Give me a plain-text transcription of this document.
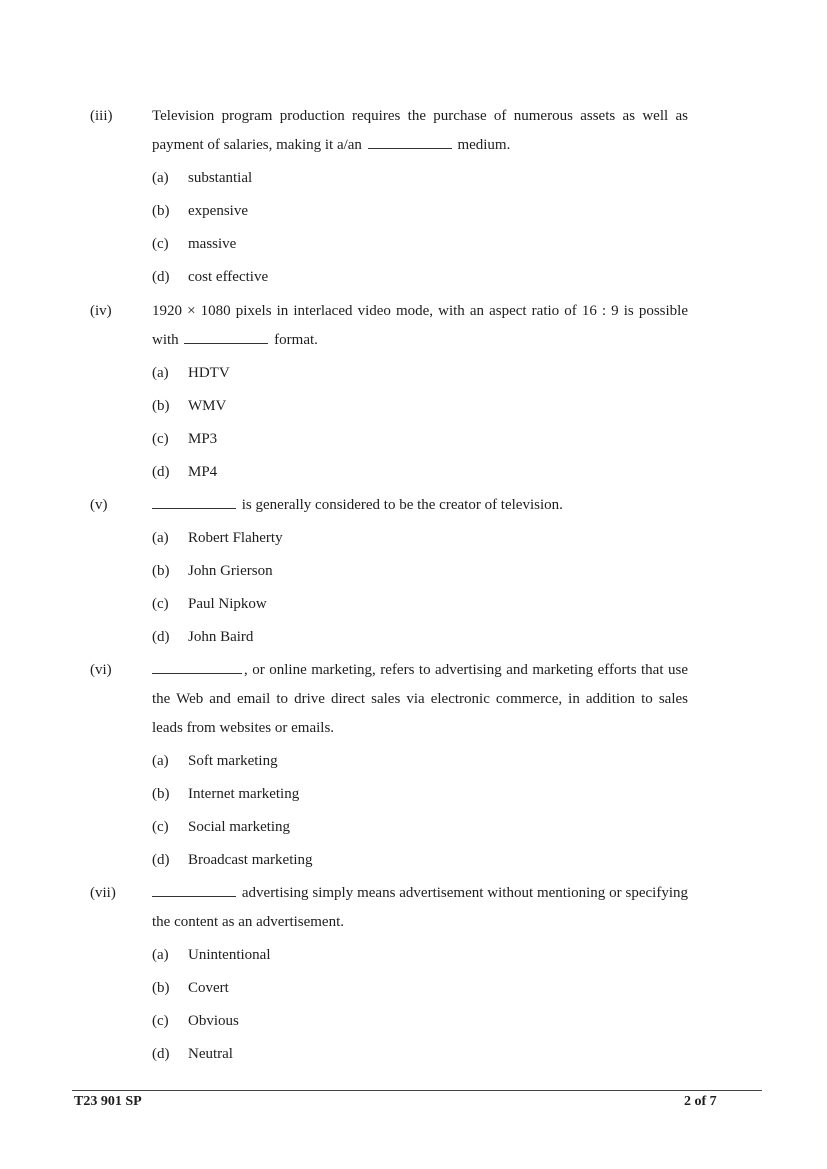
(iii)	Television program production requires the purchase of numerous assets as well as payment of salaries, making it a/an	medium.
(a) substantial
(b) expensive
(c) massive
(d) cost effective
(iv)	1920 × 1080 pixels in interlaced video mode, with an aspect ratio of 16 : 9 is possible with	format.
(a) HDTV
(b) WMV
(c) MP3
(d) MP4
(v)	is generally considered to be the creator of television.
(a) Robert Flaherty
(b) John Grierson
(c) Paul Nipkow
(d) John Baird
(vi)	, or online marketing, refers to advertising and marketing efforts that use the Web and email to drive direct sales via electronic commerce, in addition to sales leads from websites or emails.
(a) Soft marketing
(b) Internet marketing
(c) Social marketing
(d) Broadcast marketing
(vii)	advertising simply means advertisement without mentioning or specifying the content as an advertisement.
(a) Unintentional
(b) Covert
(c) Obvious
(d) Neutral
T23 901 SP	2 of 7
